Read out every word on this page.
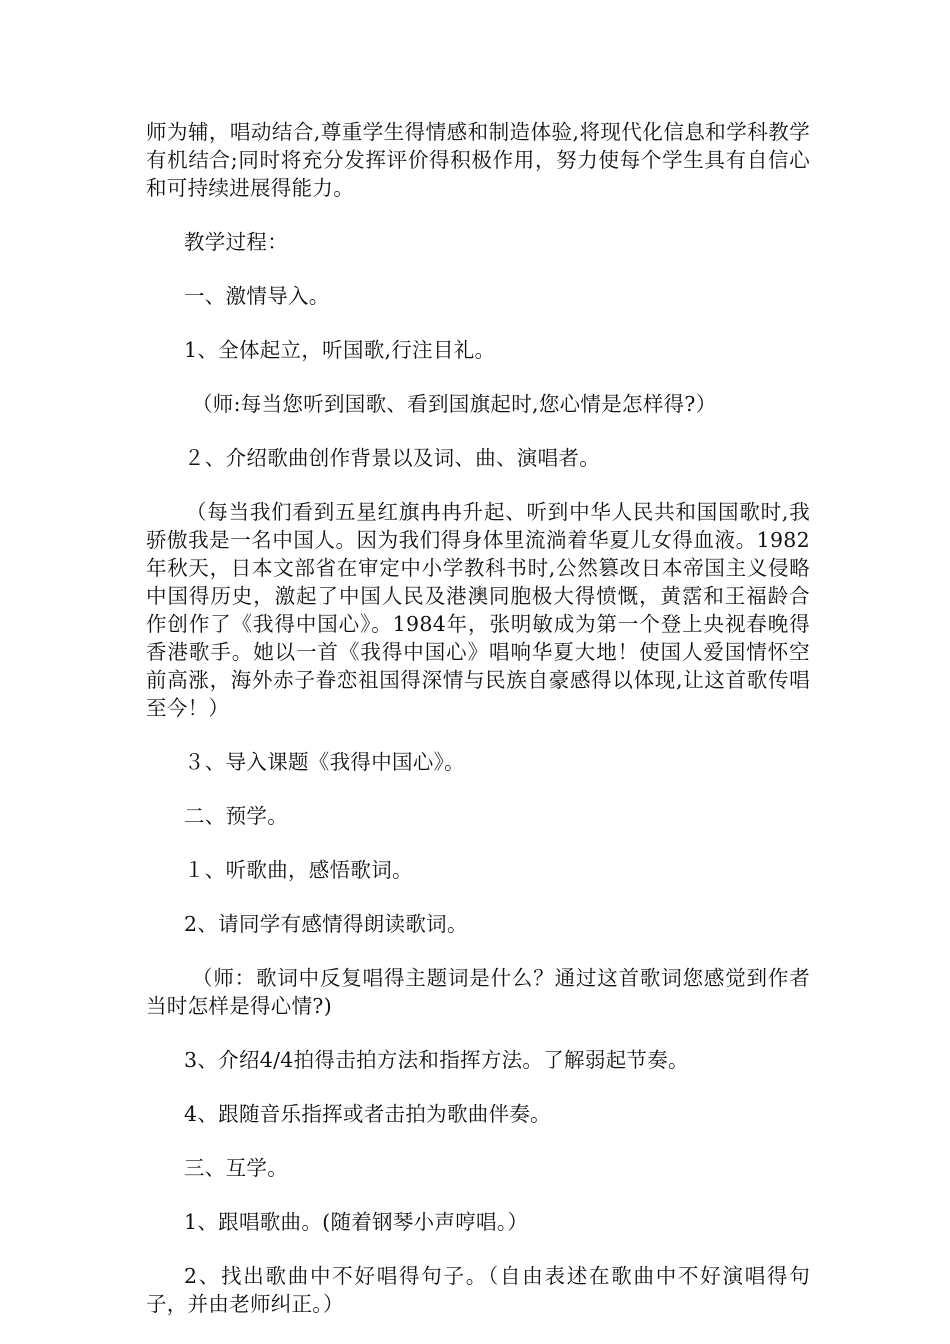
师为辅，唱动结合,尊重学生得情感和制造体验,将现代化信息和学科教学有机结合;同时将充分发挥评价得积极作用，努力使每个学生具有自信心和可持续进展得能力。

教学过程：

一、激情导入。

1、全体起立，听国歌,行注目礼。

（师:每当您听到国歌、看到国旗起时,您心情是怎样得?）

２、介绍歌曲创作背景以及词、曲、演唱者。

（每当我们看到五星红旗冉冉升起、听到中华人民共和国国歌时,我骄傲我是一名中国人。因为我们得身体里流淌着华夏儿女得血液。1982年秋天，日本文部省在审定中小学教科书时,公然篡改日本帝国主义侵略中国得历史，激起了中国人民及港澳同胞极大得愤慨，黄霑和王福龄合作创作了《我得中国心》。1984年，张明敏成为第一个登上央视春晚得香港歌手。她以一首《我得中国心》唱响华夏大地！使国人爱国情怀空前高涨，海外赤子眷恋祖国得深情与民族自豪感得以体现,让这首歌传唱至今！）

３、导入课题《我得中国心》。

二、预学。

１、听歌曲，感悟歌词。

2、请同学有感情得朗读歌词。

（师：歌词中反复唱得主题词是什么？通过这首歌词您感觉到作者当时怎样是得心情?)

3、介绍4/4拍得击拍方法和指挥方法。了解弱起节奏。

4、跟随音乐指挥或者击拍为歌曲伴奏。

三、互学。

1、跟唱歌曲。(随着钢琴小声哼唱。）

2、找出歌曲中不好唱得句子。（自由表述在歌曲中不好演唱得句子，并由老师纠正。）
